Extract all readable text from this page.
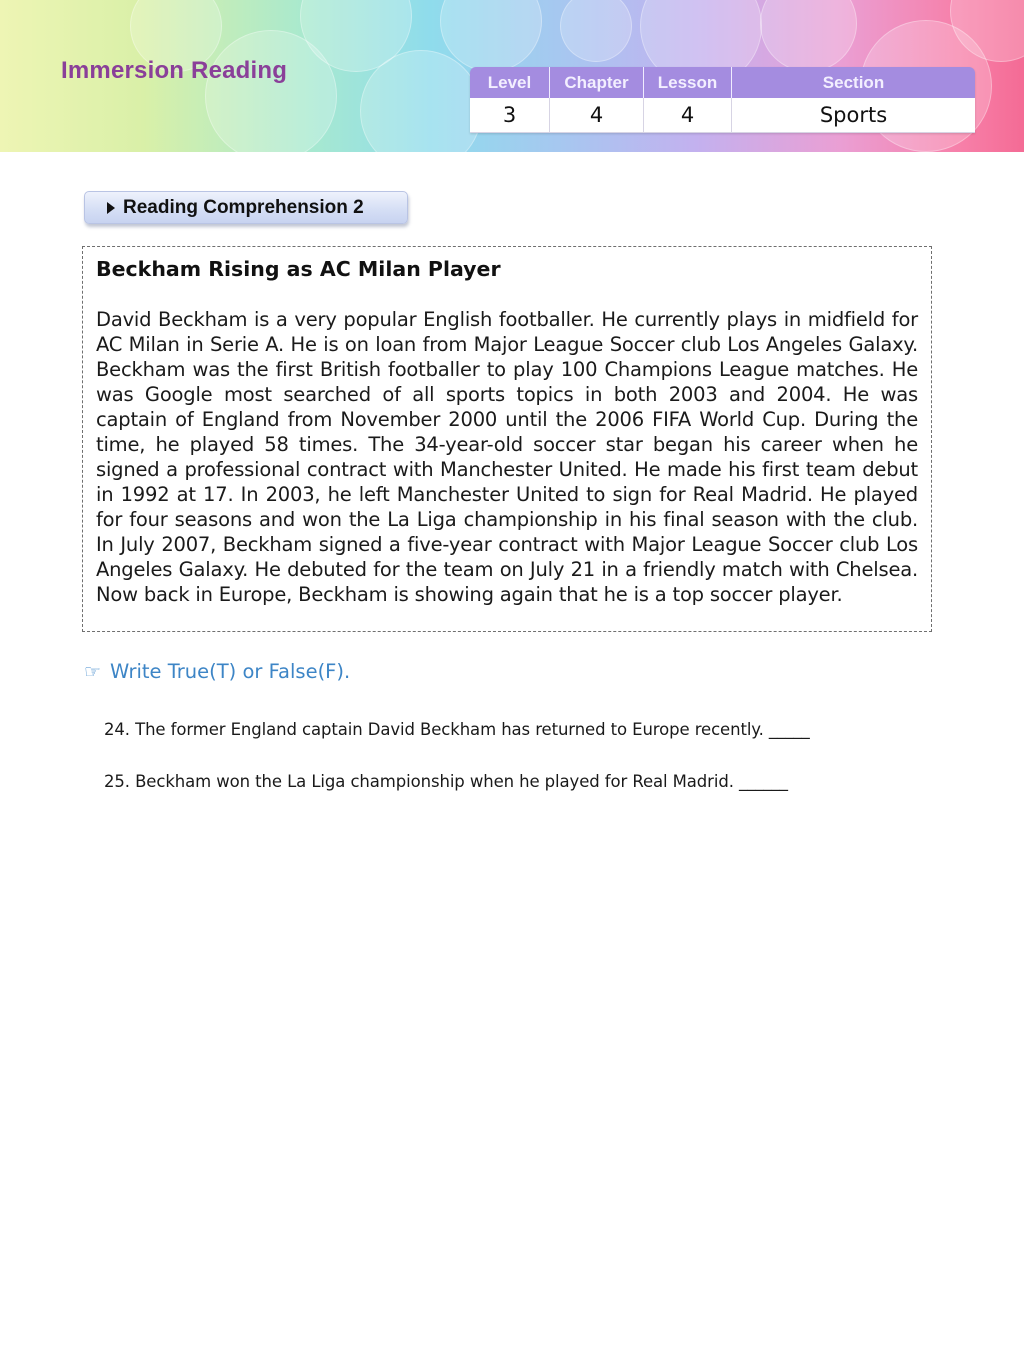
Immersion Reading	Level	Chapter	Lesson	Section
3	4	4	Sports
Reading Comprehension 2
Beckham Rising as AC Milan Player

David Beckham is a very popular English footballer. He currently plays in midfield for AC Milan in Serie A. He is on loan from Major League Soccer club Los Angeles Galaxy. Beckham was the first British footballer to play 100 Champions League matches. He was Google most searched of all sports topics in both 2003 and 2004. He was captain of England from November 2000 until the 2006 FIFA World Cup. During the time, he played 58 times. The 34-year-old soccer star began his career when he signed a professional contract with Manchester United. He made his first team debut in 1992 at 17. In 2003, he left Manchester United to sign for Real Madrid. He played for four seasons and won the La Liga championship in his final season with the club. In July 2007, Beckham signed a five-year contract with Major League Soccer club Los Angeles Galaxy. He debuted for the team on July 21 in a friendly match with Chelsea. Now back in Europe, Beckham is showing again that he is a top soccer player.

☞ Write True(T) or False(F).

24. The former England captain David Beckham has returned to Europe recently. _____

25. Beckham won the La Liga championship when he played for Real Madrid. ______
